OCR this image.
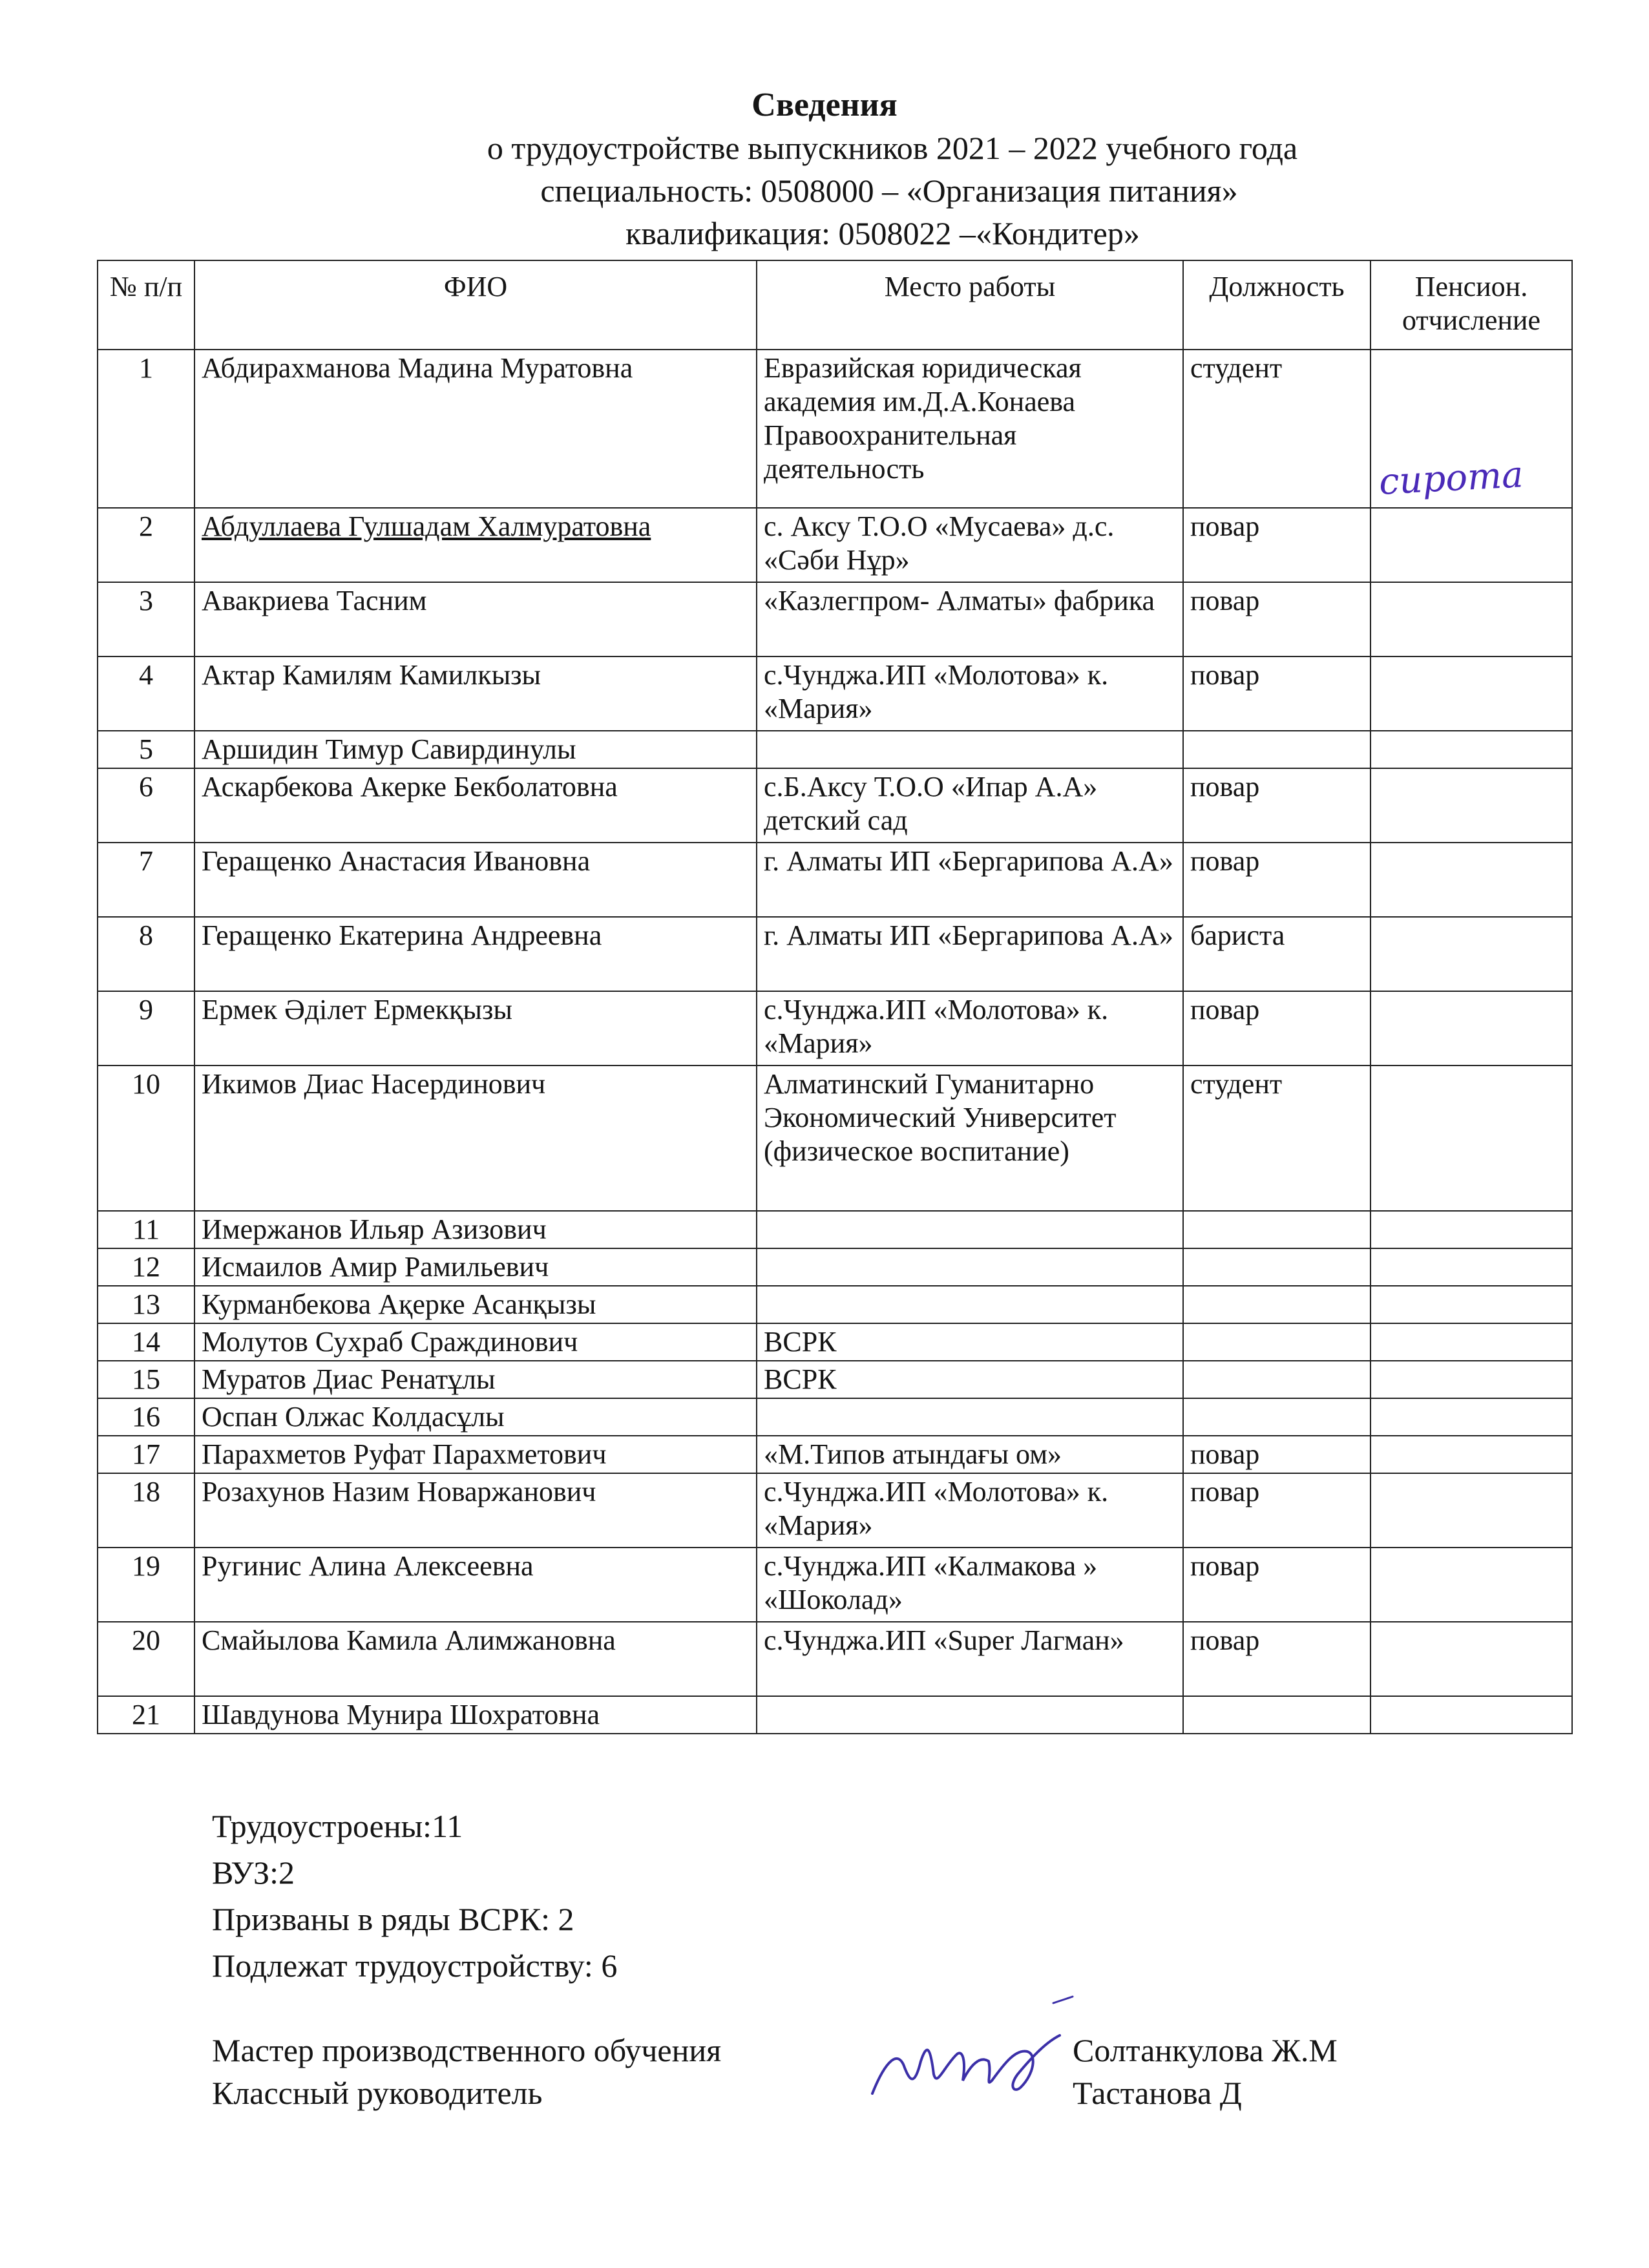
Сведения
о трудоустройстве выпускников 2021 – 2022 учебного года
специальность: 0508000 – «Организация питания»
квалификация: 0508022 –«Кондитер»
№ п/п	ФИО	Место работы	Должность	Пенсион. отчисление
1	Абдирахманова Мадина Муратовна	Евразийская юридическая академия им.Д.А.Конаева Правоохранительная деятельность	студент	сирота

2	Абдуллаева Гулшадам Халмуратовна	с. Аксу Т.О.О «Мусаева» д.с. «Сәби Нұр»	повар	
3	Авакриева Тасним	«Казлегпром- Алматы» фабрика	повар	
4	Актар Камилям Камилкызы	с.Чунджа.ИП «Молотова» к. «Мария»	повар	
5	Аршидин Тимур Савирдинулы			
6	Аскарбекова Акерке Бекболатовна	с.Б.Аксу Т.О.О «Ипар А.А» детский сад	повар	
7	Геращенко Анастасия Ивановна	г. Алматы ИП «Бергарипова А.А»	повар	
8	Геращенко Екатерина Андреевна	г. Алматы ИП «Бергарипова А.А»	бариста	
9	Ермек Әділет Ермекқызы	с.Чунджа.ИП «Молотова» к. «Мария»	повар	
10	Икимов Диас Насердинович	Алматинский Гуманитарно Экономический Университет (физическое воспитание)	студент	
11	Имержанов Ильяр Азизович			
12	Исмаилов Амир Рамильевич			
13	Курманбекова Ақерке Асанқызы			
14	Молутов Сухраб Сраждинович	ВСРК		
15	Муратов Диас Ренатұлы	ВСРК		
16	Оспан Олжас Колдасұлы			
17	Парахметов Руфат Парахметович	«М.Типов атындағы ом»	повар	
18	Розахунов Назим Новаржанович	с.Чунджа.ИП «Молотова» к. «Мария»	повар	
19	Ругинис Алина Алексеевна	с.Чунджа.ИП «Калмакова » «Шоколад»	повар	
20	Смайылова Камила Алимжановна	с.Чунджа.ИП «Super Лагман»	повар	
21	Шавдунова Мунира Шохратовна			
Трудоустроены:11
ВУЗ:2
Призваны в ряды ВСРК: 2
Подлежат трудоустройству: 6
Мастер производственного обучения
Классный руководитель
Солтанкулова Ж.М
Тастанова Д
